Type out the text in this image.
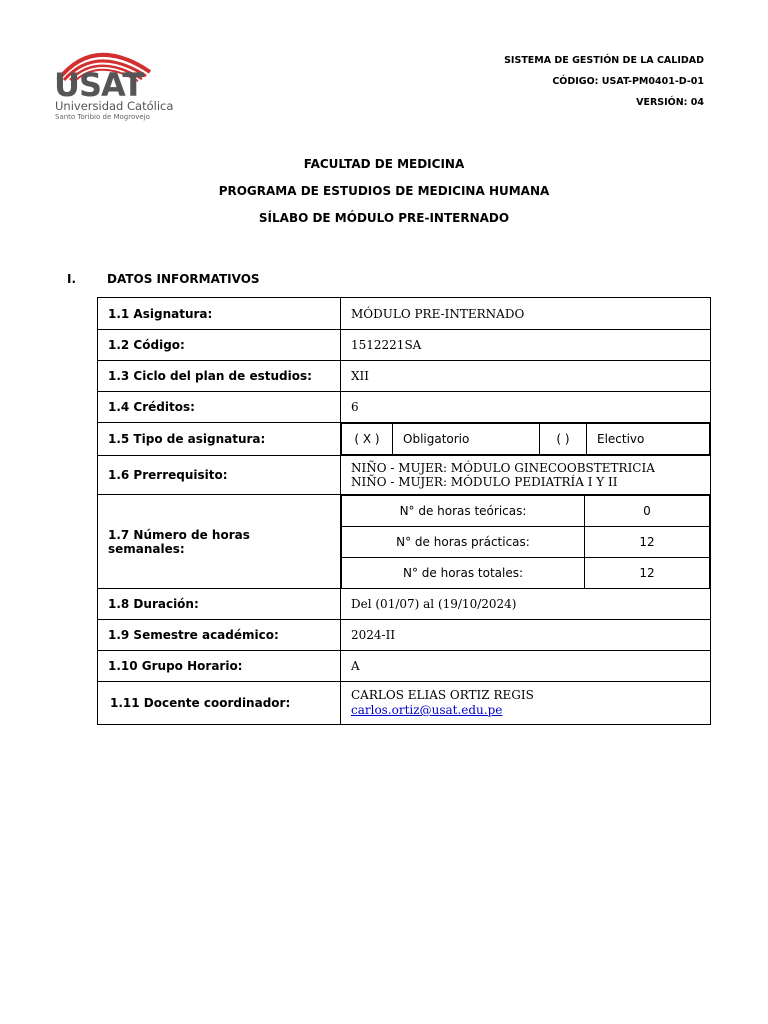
USAT
Universidad Católica
Santo Toribio de Mogrovejo
SISTEMA DE GESTIÓN DE LA CALIDAD
CÓDIGO: USAT-PM0401-D-01
VERSIÓN: 04
FACULTAD DE MEDICINA
PROGRAMA DE ESTUDIOS DE MEDICINA HUMANA
SÍLABO DE MÓDULO PRE-INTERNADO
I.	DATOS INFORMATIVOS
1.1 Asignatura:	MÓDULO PRE-INTERNADO
1.2 Código:	1512221SA
1.3 Ciclo del plan de estudios:	XII
1.4 Créditos:	6
1.5 Tipo de asignatura:		( X )	Obligatorio	( )	Electivo

1.6 Prerrequisito:	NIÑO - MUJER: MÓDULO GINECOOBSTETRICIA
NIÑO - MUJER: MÓDULO PEDIATRÍA I Y II

1.7 Número de horas semanales:	
N° de horas teóricas:	0
N° de horas prácticas:	12
N° de horas totales:	12

1.8 Duración:	Del (01/07) al (19/10/2024)
1.9 Semestre académico:	2024-II
1.10 Grupo Horario:	A
1.11 Docente coordinador:	
CARLOS ELIAS ORTIZ REGIS
carlos.ortiz@usat.edu.pe
